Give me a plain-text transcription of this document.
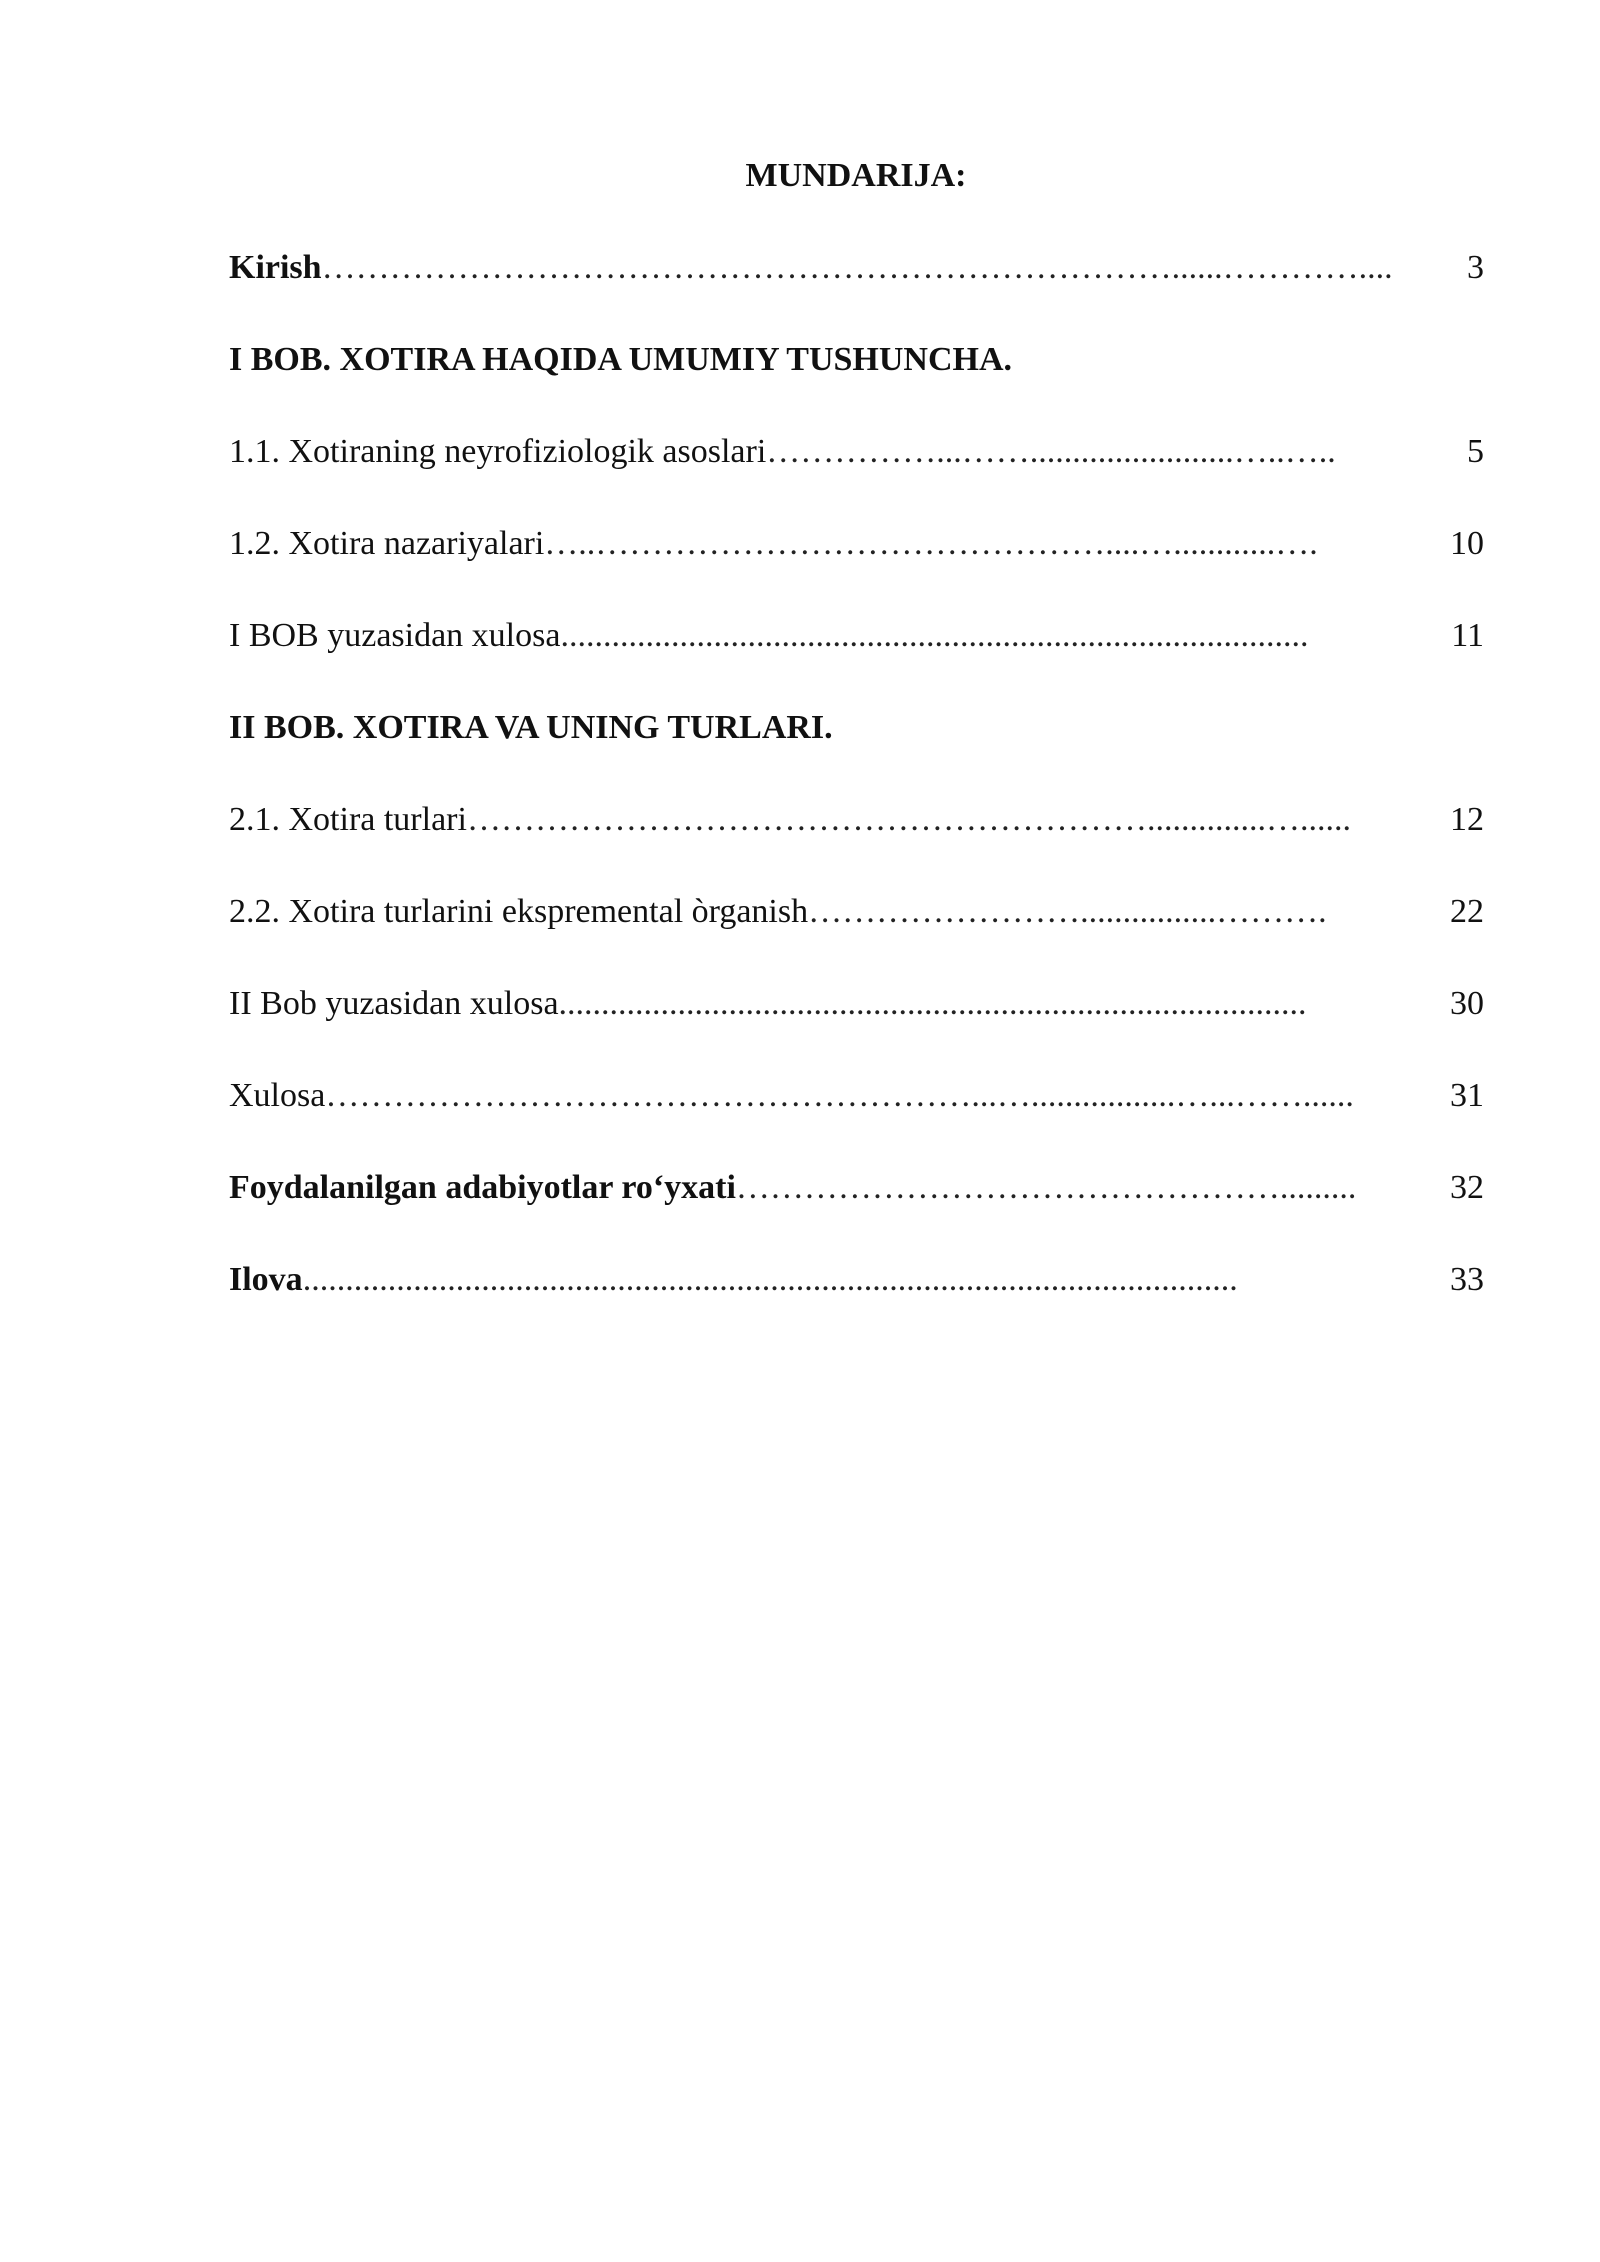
MUNDARIJA:
Kirish …………………………………………………………………......…………....	3
I BOB. XOTIRA HAQIDA UMUMIY TUSHUNCHA.
1.1. Xotiraning neyrofiziologik asoslari ……………...……........................…..…..	5
1.2. Xotira nazariyalari …..………………………………………....…............….	10
I BOB yuzasidan xulosa ........................................................................................	11
II BOB. XOTIRA VA UNING TURLARI.
2.1. Xotira turlari ……………………………………………………..............…......	12
2.2. Xotira turlarini ekspremental òrganish ……………………................……….	22
II Bob yuzasidan xulosa ........................................................................................	30
Xulosa …………………………………………………...….................…...……......	31
Foydalanilgan adabiyotlar ro‘yxati ………………………………………….........	32
Ilova ..............................................................................................................	33
